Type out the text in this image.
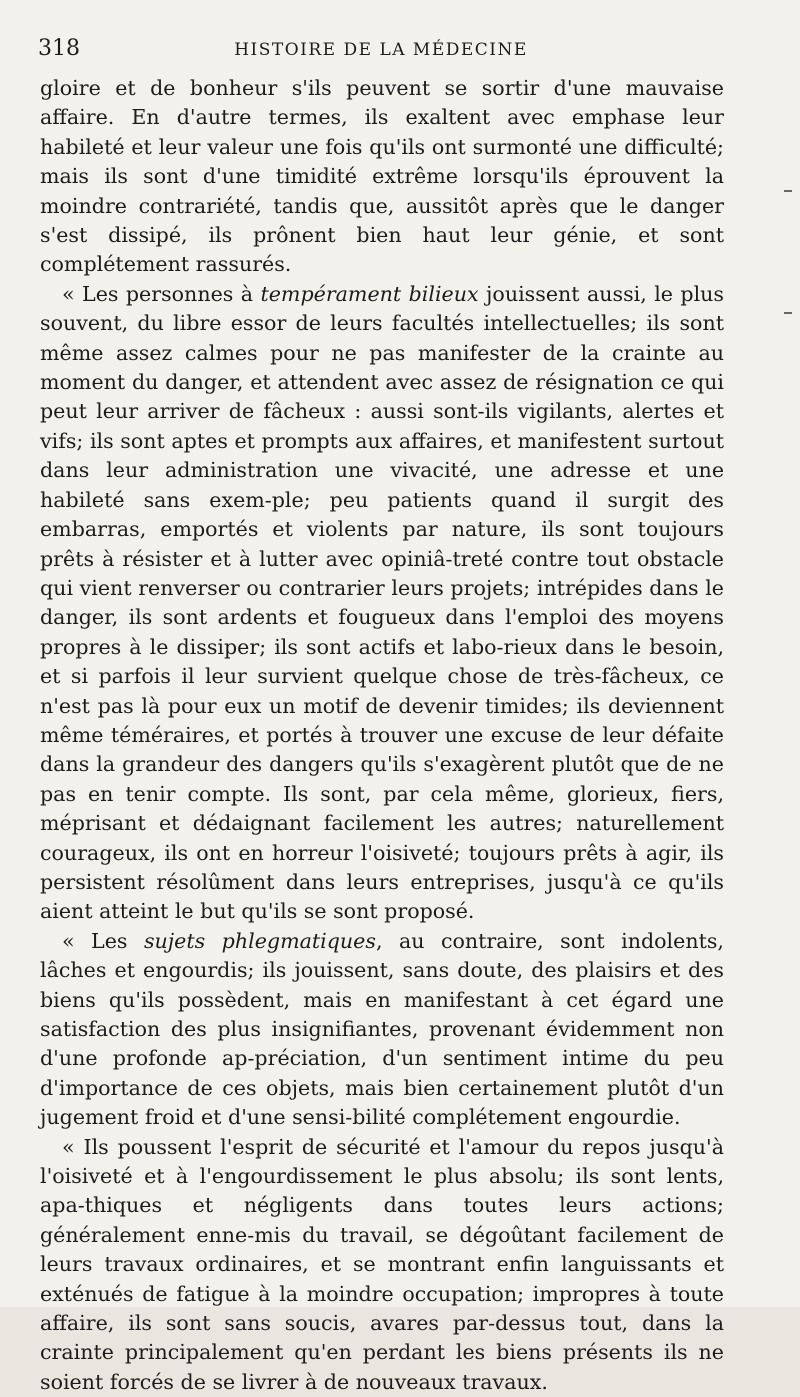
318	HISTOIRE DE LA MÉDECINE

gloire et de bonheur s'ils peuvent se sortir d'une mauvaise affaire. En d'autre termes, ils exaltent avec emphase leur habileté et leur valeur une fois qu'ils ont surmonté une difficulté; mais ils sont d'une timidité extrême lorsqu'ils éprouvent la moindre contrariété, tandis que, aussitôt après que le danger s'est dissipé, ils prônent bien haut leur génie, et sont complétement rassurés.

« Les personnes à tempérament bilieux jouissent aussi, le plus souvent, du libre essor de leurs facultés intellectuelles; ils sont même assez calmes pour ne pas manifester de la crainte au moment du danger, et attendent avec assez de résignation ce qui peut leur arriver de fâcheux : aussi sont-ils vigilants, alertes et vifs; ils sont aptes et prompts aux affaires, et manifestent surtout dans leur administration une vivacité, une adresse et une habileté sans exem-ple; peu patients quand il surgit des embarras, emportés et violents par nature, ils sont toujours prêts à résister et à lutter avec opiniâ-treté contre tout obstacle qui vient renverser ou contrarier leurs projets; intrépides dans le danger, ils sont ardents et fougueux dans l'emploi des moyens propres à le dissiper; ils sont actifs et labo-rieux dans le besoin, et si parfois il leur survient quelque chose de très-fâcheux, ce n'est pas là pour eux un motif de devenir timides; ils deviennent même téméraires, et portés à trouver une excuse de leur défaite dans la grandeur des dangers qu'ils s'exagèrent plutôt que de ne pas en tenir compte. Ils sont, par cela même, glorieux, fiers, méprisant et dédaignant facilement les autres; naturellement courageux, ils ont en horreur l'oisiveté; toujours prêts à agir, ils persistent résolûment dans leurs entreprises, jusqu'à ce qu'ils aient atteint le but qu'ils se sont proposé.

« Les sujets phlegmatiques, au contraire, sont indolents, lâches et engourdis; ils jouissent, sans doute, des plaisirs et des biens qu'ils possèdent, mais en manifestant à cet égard une satisfaction des plus insignifiantes, provenant évidemment non d'une profonde ap-préciation, d'un sentiment intime du peu d'importance de ces objets, mais bien certainement plutôt d'un jugement froid et d'une sensi-bilité complétement engourdie.

« Ils poussent l'esprit de sécurité et l'amour du repos jusqu'à l'oisiveté et à l'engourdissement le plus absolu; ils sont lents, apa-thiques et négligents dans toutes leurs actions; généralement enne-mis du travail, se dégoûtant facilement de leurs travaux ordinaires, et se montrant enfin languissants et exténués de fatigue à la moindre occupation; impropres à toute affaire, ils sont sans soucis, avares par-dessus tout, dans la crainte principalement qu'en perdant les biens présents ils ne soient forcés de se livrer à de nouveaux travaux.
